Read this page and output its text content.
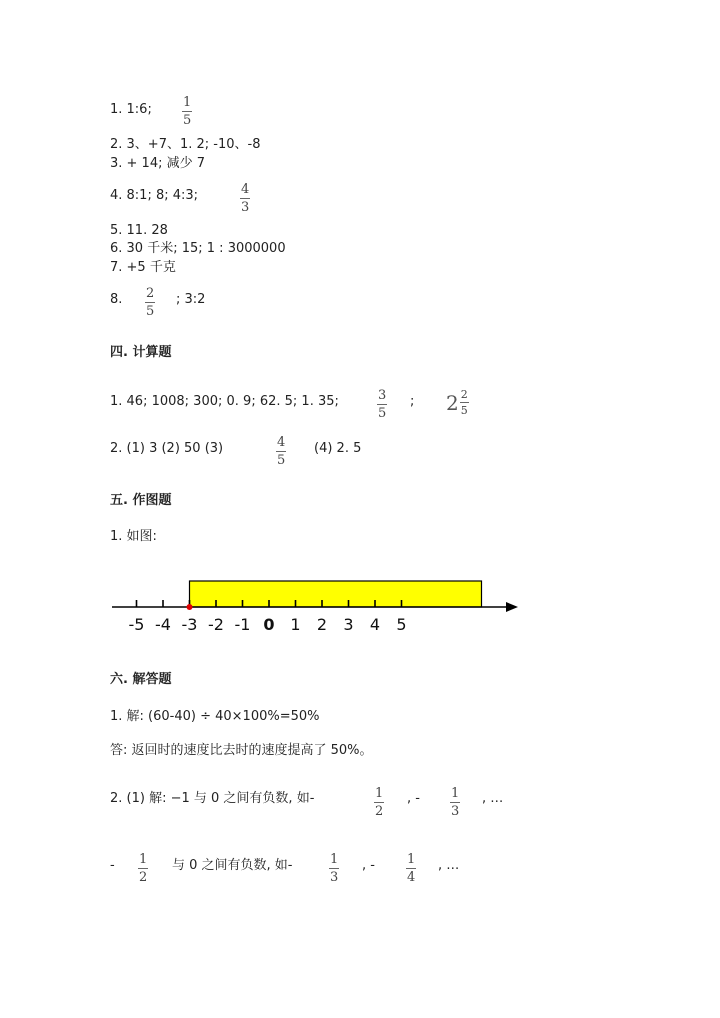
1. 1:6; 1
5
2. 3、+7、1. 2; -10、-8
3. + 14; 减少 7
4. 8:1; 8; 4:3;	4
3
5. 11. 28
6. 30 千米; 15; 1 : 3000000
7. +5 千克
8. 2
5
; 3:2
四. 计算题
1. 46; 1008; 300; 0. 9; 62. 5; 1. 35;	3
5
; $2 \frac{2}{5}$
2. (1) 3 (2) 50 (3)	4
5
(4) 2. 5
五. 作图题
1. 如图:
-5 -4 -3 -2 -1 0 1 2 3 4 5
六. 解答题
1. 解: (60-40) ÷ 40×100%=50%
答: 返回时的速度比去时的速度提高了 50%。
2. (1) 解: −1 与 0 之间有负数, 如-	1
2
, - 1
3
, …
- 1
2
与 0 之间有负数, 如-	1
3
, - 1
4
, …
